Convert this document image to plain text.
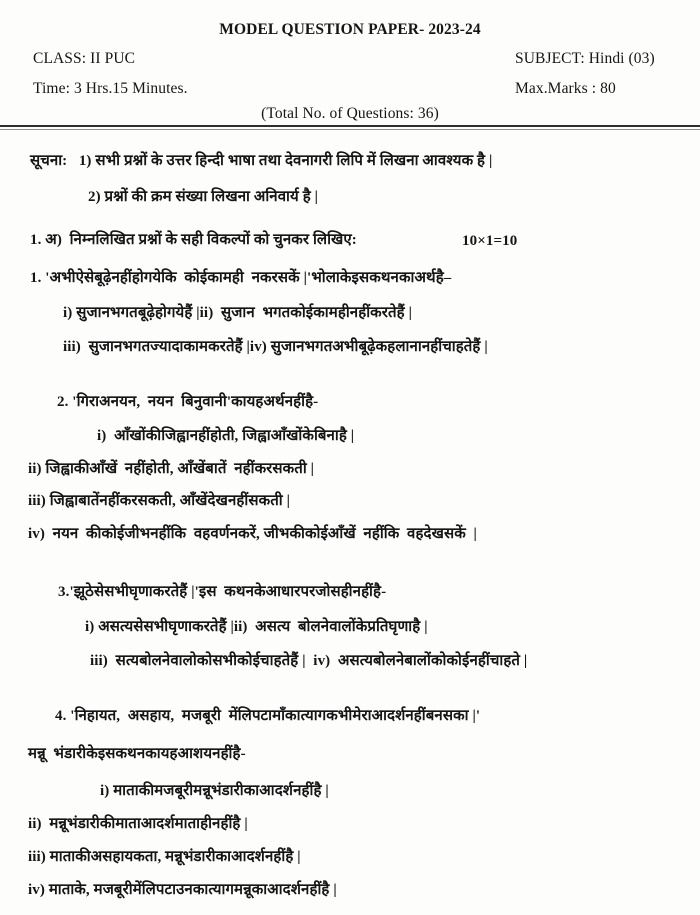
MODEL QUESTION PAPER- 2023-24
CLASS: II PUC	SUBJECT: Hindi (03)
Time: 3 Hrs.15 Minutes.	Max.Marks : 80
(Total No. of Questions: 36)
सूचना:   1) सभी प्रश्नों के उत्तर हिन्दी भाषा तथा देवनागरी लिपि में लिखना आवश्यक है |
2) प्रश्नों की क्रम संख्या लिखना अनिवार्य है |
1. अ)  निम्नलिखित प्रश्नों के सही विकल्पों को चुनकर लिखिए:	10×1=10
1. 'अभीऐसेबूढ़ेनहींहोगयेकि  कोईकामही  नकरसकें |'भोलाकेइसकथनकाअर्थहै–
i) सुजानभगतबूढ़ेहोगयेहैं |ii)  सुजान  भगतकोईकामहीनहींकरतेहैं |
iii)  सुजानभगतज्यादाकामकरतेहैं |iv) सुजानभगतअभीबूढ़ेकहलानानहींचाहतेहैं |
2. 'गिराअनयन,  नयन  बिनुवानी'कायहअर्थनहींहै-
i)  आँखोंकीजिह्वानहींहोती, जिह्वाआँखोंकेबिनाहै |
ii) जिह्वाकीआँखें  नहींहोती, आँखेंबातें  नहींकरसकती |
iii) जिह्वाबातेंनहींकरसकती, आँखेंदेखनहींसकती |
iv)  नयन  कीकोईजीभनहींकि  वहवर्णनकरें, जीभकीकोईआँखें  नहींकि  वहदेखसकें  |
3.'झूठेसेसभीघृणाकरतेहैं |'इस  कथनकेआधारपरजोसहीनहींहै-
i) असत्यसेसभीघृणाकरतेहैं |ii)  असत्य  बोलनेवालोंकेप्रतिघृणाहै |
iii)  सत्यबोलनेवालोकोसभीकोईचाहतेहैं |  iv)  असत्यबोलनेबालोंकोकोईनहींचाहते |
4. 'निहायत,  असहाय,  मजबूरी  मेंलिपटामाँकात्यागकभीमेराआदर्शनहींबनसका |'
मन्नू  भंडारीकेइसकथनकायहआशयनहींहै-
i) माताकीमजबूरीमन्नूभंडारीकाआदर्शनहींहै |
ii)  मन्नूभंडारीकीमाताआदर्शमाताहीनहींहै |
iii) माताकीअसहायकता, मन्नूभंडारीकाआदर्शनहींहै |
iv) माताके, मजबूरीमेंलिपटाउनकात्यागमन्नूकाआदर्शनहींहै |
